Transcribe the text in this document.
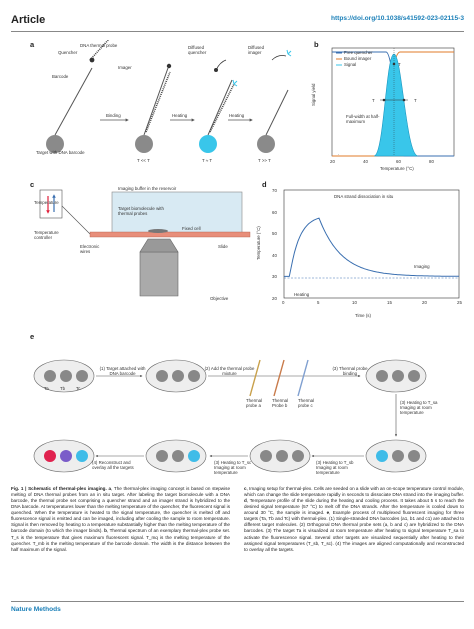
Article	https://doi.org/10.1038/s41592-023-02115-3
a
Quencher
DNA thermal probe
Imager
Barcode
Target with DNA barcode
Binding	Heating	Heating
Diffused quencher
Diffused imager
T << T	T ≈ T	T >> T
b
·
Free quencher
Bound imager
Signal
Signal yield
Temperature (°C)
20	40	60	80
T
T	T
Full-width at half-maximum
c	Imaging buffer in the reservoir
Temperature
Temperature controller
Target biomolecule with thermal probes
Fixed cell
Electronic wires
Slide
Objective
d
Temperature (°C)
Time (s)
DNA strand dissociation in situ
Imaging
Heating
20
30
40
50
60
70
0	5	10	15	20	25
e
Ta	Tb Tc
(1) Target attached with DNA barcode
(2) Add the thermal probe mixture
Thermal probe a
Thermal Probe b
Thermal probe c
(3) Thermal probe binding
(3) Heating to T_sa Imaging at room temperature
(3) Heating to T_sb Imaging at room temperature
(3) Heating to T_sc Imaging at room temperature
(4) Reconstruct and overlay all the targets
Fig. 1 | Schematic of thermal-plex imaging. a, The thermal-plex imaging concept is based on stepwise melting of DNA thermal probes from an in situ target. After labeling the target biomolecule with a DNA barcode, the thermal probe set comprising a quencher strand and an imager strand is hybridized to the DNA barcode. At temperatures lower than the melting temperature of the quencher, the fluorescent signal is quenched. When the temperature is heated to the signal temperature, the quencher is melted off and fluorescence signal is emitted and can be imaged, including after cooling the sample to room temperature. Signal is then removed by heating to a temperature substantially higher than the melting temperature of the barcode domain (to which the imager binds). b, Thermal spectrum of an exemplary thermal-plex probe set. T_s is the temperature that gives maximum fluorescent signal. T_mq is the melting temperature of the quencher. T_mb is the melting temperature of the barcode domain. The width is the distance between the half maximum of the signal.
c, Imaging setup for thermal-plex. Cells are seeded on a slide with an on-scope temperature control module, which can change the slide temperature rapidly in seconds to dissociate DNA strand into the imaging buffer. d, Temperature profile of the slide during the heating and cooling process. It takes about 5 s to reach the desired signal temperature (57 °C) to melt off the DNA strands. After the temperature is cooled down to around 30 °C, the sample is imaged. e, Example process of multiplexed fluorescent imaging for three targets (Ta, Tb and Tc) with thermal-plex. (1) Single-stranded DNA barcodes (a1, b1 and c1) are attached to different target molecules. (2) Orthogonal DNA thermal probe sets (a, b and c) are hybridized to the DNA barcodes. (3) The target Ta is visualized at room temperature after heating to signal temperature T_sa to activate the fluorescence signal. Several other targets are visualized sequentially after heating to their assigned signal temperatures (T_sb, T_sc). (4) The images are aligned computationally and reconstructed to overlay all the targets.
Nature Methods
